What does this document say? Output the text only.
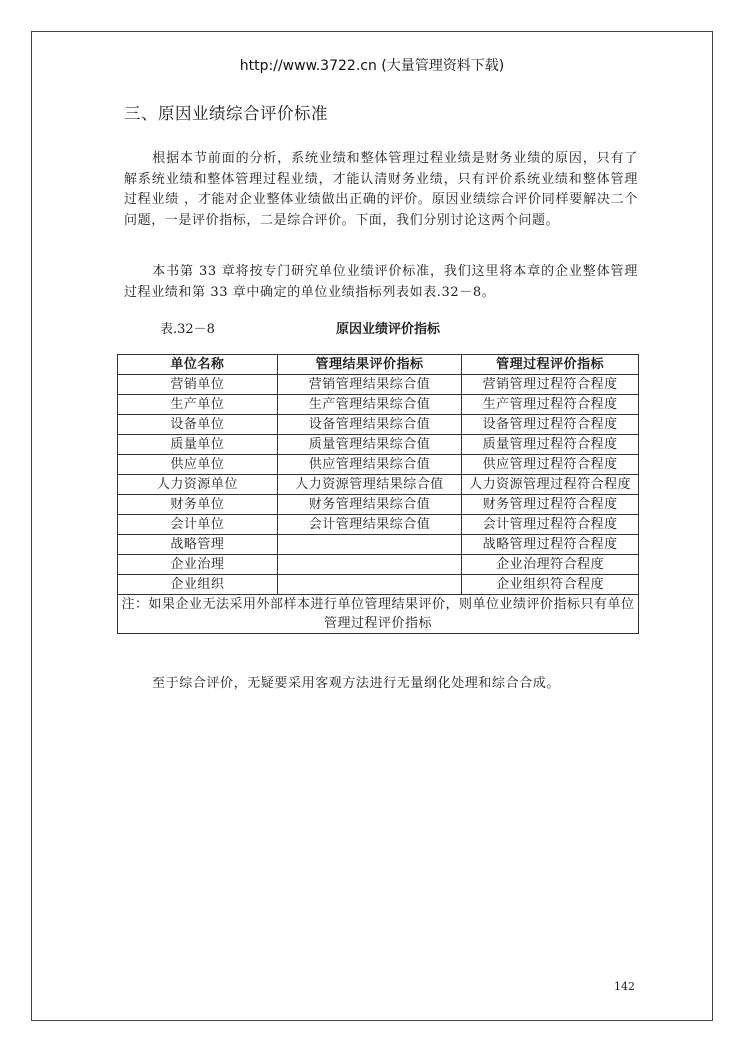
http://www.3722.cn (大量管理资料下载)
三、原因业绩综合评价标准
根据本节前面的分析，系统业绩和整体管理过程业绩是财务业绩的原因，只有了解系统业绩和整体管理过程业绩，才能认清财务业绩，只有评价系统业绩和整体管理过程业绩 ，才能对企业整体业绩做出正确的评价。原因业绩综合评价同样要解决二个问题，一是评价指标，二是综合评价。下面，我们分别讨论这两个问题。
本书第 33 章将按专门研究单位业绩评价标准，我们这里将本章的企业整体管理过程业绩和第 33 章中确定的单位业绩指标列表如表.32－8。
表.32－8	原因业绩评价指标
单位名称	管理结果评价指标	管理过程评价指标
营销单位	营销管理结果综合值	营销管理过程符合程度
生产单位	生产管理结果综合值	生产管理过程符合程度
设备单位	设备管理结果综合值	设备管理过程符合程度
质量单位	质量管理结果综合值	质量管理过程符合程度
供应单位	供应管理结果综合值	供应管理过程符合程度
人力资源单位	人力资源管理结果综合值	人力资源管理过程符合程度
财务单位	财务管理结果综合值	财务管理过程符合程度
会计单位	会计管理结果综合值	会计管理过程符合程度
战略管理		战略管理过程符合程度
企业治理		企业治理符合程度
企业组织		企业组织符合程度
注：如果企业无法采用外部样本进行单位管理结果评价，则单位业绩评价指标只有单位管理过程评价指标		
至于综合评价，无疑要采用客观方法进行无量纲化处理和综合合成。
142
